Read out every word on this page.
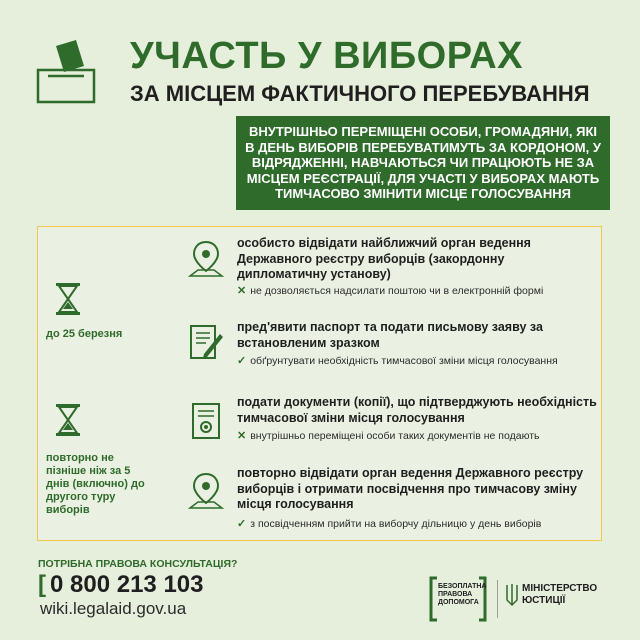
УЧАСТЬ У ВИБОРАХ
ЗА МІСЦЕМ ФАКТИЧНОГО ПЕРЕБУВАННЯ
ВНУТРІШНЬО ПЕРЕМІЩЕНІ ОСОБИ, ГРОМАДЯНИ, ЯКІ В ДЕНЬ ВИБОРІВ ПЕРЕБУВАТИМУТЬ ЗА КОРДОНОМ, У ВІДРЯДЖЕННІ, НАВЧАЮТЬСЯ ЧИ ПРАЦЮЮТЬ НЕ ЗА МІСЦЕМ РЕЄСТРАЦІЇ, ДЛЯ УЧАСТІ У ВИБОРАХ МАЮТЬ ТИМЧАСОВО ЗМІНИТИ МІСЦЕ ГОЛОСУВАННЯ
до 25 березня
повторно не пізніше ніж за 5 днів (включно) до другого туру виборів
особисто відвідати найближчий орган ведення Державного реєстру виборців (закордонну дипломатичну установу)
✕ не дозволяється надсилати поштою чи в електронній формі
пред'явити паспорт та подати письмову заяву за встановленим зразком
✓ обґрунтувати необхідність тимчасової зміни місця голосування
подати документи (копії), що підтверджують необхідність тимчасової зміни місця голосування
✕ внутрішньо переміщені особи таких документів не подають
повторно відвідати орган ведення Державного реєстру виборців і отримати посвідчення про тимчасову зміну місця голосування
✓ з посвідченням прийти на виборчу дільницю у день виборів
ПОТРІБНА ПРАВОВА КОНСУЛЬТАЦІЯ?
[ 0 800 213 103
wiki.legalaid.gov.ua
БЕЗОПЛАТНА ПРАВОВА ДОПОМОГА
МІНІСТЕРСТВО
ЮСТИЦІЇ
